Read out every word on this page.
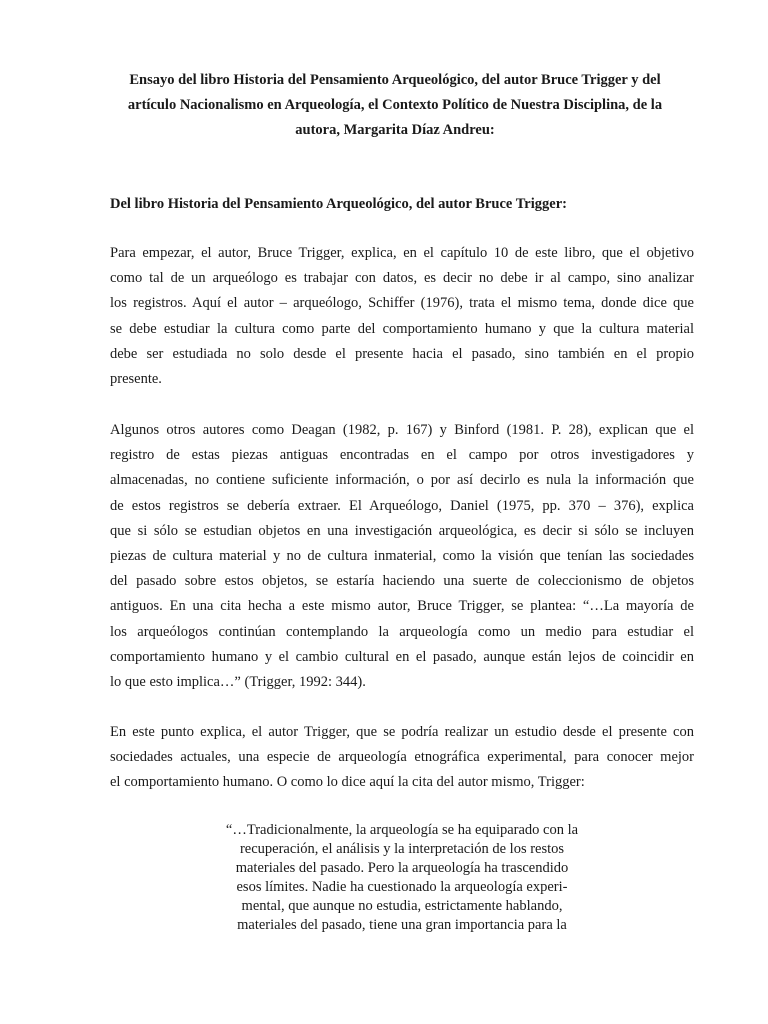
Ensayo del libro Historia del Pensamiento Arqueológico, del autor Bruce Trigger y del
artículo Nacionalismo en Arqueología, el Contexto Político de Nuestra Disciplina, de la
autora, Margarita Díaz Andreu:
Del libro Historia del Pensamiento Arqueológico, del autor Bruce Trigger:

Para empezar, el autor, Bruce Trigger, explica, en el capítulo 10 de este libro, que el objetivo
como tal de un arqueólogo es trabajar con datos, es decir no debe ir al campo, sino analizar
los registros. Aquí el autor – arqueólogo, Schiffer (1976), trata el mismo tema, donde dice que
se debe estudiar la cultura como parte del comportamiento humano y que la cultura material
debe ser estudiada no solo desde el presente hacia el pasado, sino también en el propio
presente.

Algunos otros autores como Deagan (1982, p. 167) y Binford (1981. P. 28), explican que el
registro de estas piezas antiguas encontradas en el campo por otros investigadores y
almacenadas, no contiene suficiente información, o por así decirlo es nula la información que
de estos registros se debería extraer. El Arqueólogo, Daniel (1975, pp. 370 – 376), explica
que si sólo se estudian objetos en una investigación arqueológica, es decir si sólo se incluyen
piezas de cultura material y no de cultura inmaterial, como la visión que tenían las sociedades
del pasado sobre estos objetos, se estaría haciendo una suerte de coleccionismo de objetos
antiguos. En una cita hecha a este mismo autor, Bruce Trigger, se plantea: “…La mayoría de
los arqueólogos continúan contemplando la arqueología como un medio para estudiar el
comportamiento humano y el cambio cultural en el pasado, aunque están lejos de coincidir en
lo que esto implica…” (Trigger, 1992: 344).

En este punto explica, el autor Trigger, que se podría realizar un estudio desde el presente con
sociedades actuales, una especie de arqueología etnográfica experimental, para conocer mejor
el comportamiento humano. O como lo dice aquí la cita del autor mismo, Trigger:

“…Tradicionalmente, la arqueología se ha equiparado con la
recuperación, el análisis y la interpretación de los restos
materiales del pasado. Pero la arqueología ha trascendido
esos límites. Nadie ha cuestionado la arqueología experi-
mental, que aunque no estudia, estrictamente hablando,
materiales del pasado, tiene una gran importancia para la
